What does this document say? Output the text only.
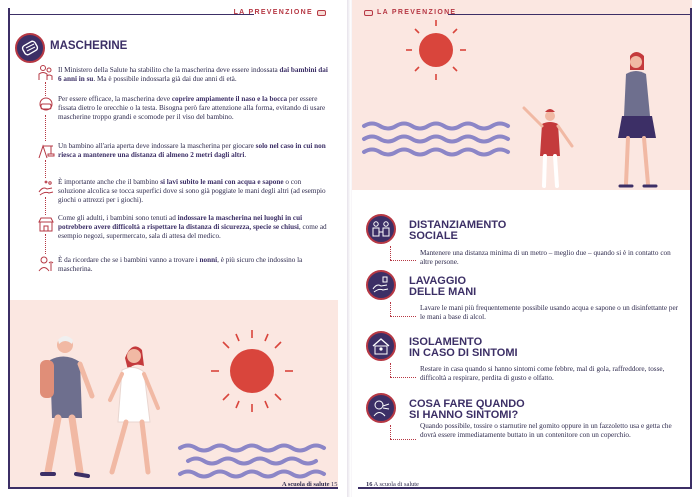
LA PREVENZIONE
MASCHERINE
Il Ministero della Salute ha stabilito che la mascherina deve essere indossata dai bambini dai 6 anni in su. Ma è possibile indossarla già dai due anni di età.
Per essere efficace, la mascherina deve coprire ampiamente il naso e la bocca per essere fissata dietro le orecchie o la testa. Bisogna però fare attenzione alla forma, evitando di usare mascherine troppo grandi e scomode per il viso del bambino.
Un bambino all'aria aperta deve indossare la mascherina per giocare solo nel caso in cui non riesca a mantenere una distanza di almeno 2 metri dagli altri.
È importante anche che il bambino si lavi subito le mani con acqua e sapone o con soluzione alcolica se tocca superfici dove si sono già poggiate le mani degli altri (ad esempio giochi o attrezzi per i giochi).
Come gli adulti, i bambini sono tenuti ad indossare la mascherina nei luoghi in cui potrebbero avere difficoltà a rispettare la distanza di sicurezza, specie se chiusi, come ad esempio negozi, supermercato, sala di attesa del medico.
È da ricordare che se i bambini vanno a trovare i nonni, è più sicuro che indossino la mascherina.
A scuola di salute 15
LA PREVENZIONE
DISTANZIAMENTO
SOCIALE
Mantenere una distanza minima di un metro – meglio due – quando si è in contatto con altre persone.
LAVAGGIO
DELLE MANI
Lavare le mani più frequentemente possibile usando acqua e sapone o un disinfettante per le mani a base di alcol.
ISOLAMENTO
IN CASO DI SINTOMI
Restare in casa quando si hanno sintomi come febbre, mal di gola, raffreddore, tosse, difficoltà a respirare, perdita di gusto e olfatto.
COSA FARE QUANDO
SI HANNO SINTOMI?
Quando possibile, tossire o starnutire nel gomito oppure in un fazzoletto usa e getta che dovrà essere immediatamente buttato in un contenitore con un coperchio.
16 A scuola di salute
